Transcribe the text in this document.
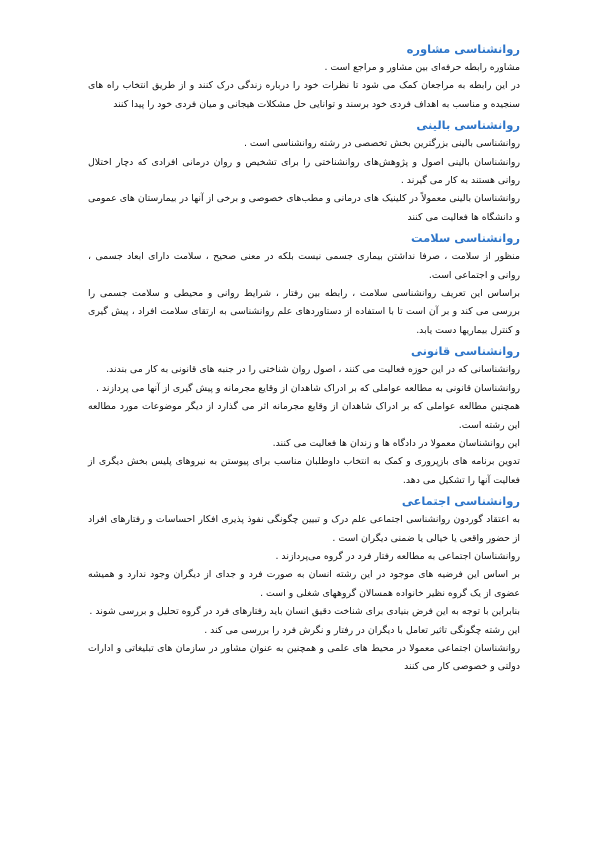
روانشناسی مشاوره

مشاوره رابطه حرفه‌ای بین مشاور و مراجع است .

در این رابطه به مراجعان کمک می شود تا نظرات خود را درباره زندگی درک کنند و از طریق انتخاب راه های سنجیده و مناسب به اهداف فردی خود برسند و توانایی حل مشکلات هیجانی و میان فردی خود را پیدا کنند

روانشناسی بالینی

روانشناسی بالینی بزرگترین بخش تخصصی در رشته روانشناسی است .

روانشناسان بالینی اصول و پژوهش‌های روانشناختی را برای تشخیص و روان درمانی افرادی که دچار اختلال روانی هستند به کار می گیرند .

روانشناسان بالینی معمولاً در کلینیک های درمانی و مطب‌های خصوصی و برخی از آنها در بیمارستان های عمومی و دانشگاه ها فعالیت می کنند

روانشناسی سلامت

منظور از سلامت ، صرفا نداشتن بیماری جسمی نیست بلکه در معنی صحیح ، سلامت دارای ابعاد جسمی ، روانی و اجتماعی است.

براساس این تعریف روانشناسی سلامت ، رابطه بین رفتار ، شرایط روانی و محیطی و سلامت جسمی را بررسی می کند و بر آن است تا با استفاده از دستاوردهای علم روانشناسی به ارتقای سلامت افراد ، پیش گیری و کنترل بیماریها دست یابد.

روانشناسی قانونی

روانشناسانی که در این حوزه فعالیت می کنند ، اصول روان شناختی را در جنبه های قانونی به کار می بندند.

روانشناسان قانونی به مطالعه عواملی که بر ادراک شاهدان از وقایع مجرمانه و پیش گیری از آنها می پردازند .

همچنین مطالعه عواملی که بر ادراک شاهدان از وقایع مجرمانه اثر می گذارد از دیگر موضوعات مورد مطالعه این رشته است.

این روانشناسان معمولا در دادگاه ها و زندان ها فعالیت می کنند.

تدوین برنامه های بازپروری و کمک به انتخاب داوطلبان مناسب برای پیوستن به نیروهای پلیس بخش دیگری از فعالیت آنها را تشکیل می دهد.

روانشناسی اجتماعی

به اعتقاد گوردون روانشناسی اجتماعی علم درک و تبیین چگونگی نفوذ پذیری افکار احساسات و رفتارهای افراد از حضور واقعی یا خیالی یا ضمنی دیگران است .

روانشناسان اجتماعی به مطالعه رفتار فرد در گروه می‌پردازند .

بر اساس این فرضیه های موجود در این رشته انسان به صورت فرد و جدای از دیگران وجود ندارد و همیشه عضوی از یک گروه نظیر خانواده همسالان گروههای شغلی و است .

بنابراین با توجه به این فرض بنیادی برای شناخت دقیق انسان باید رفتارهای فرد در گروه تحلیل و بررسی شوند .

این رشته چگونگی تاثیر تعامل با دیگران در رفتار و نگرش فرد را بررسی می کند .

روانشناسان اجتماعی معمولا در محیط های علمی و همچنین به عنوان مشاور در سازمان های تبلیغاتی و ادارات دولتی و خصوصی کار می کنند
